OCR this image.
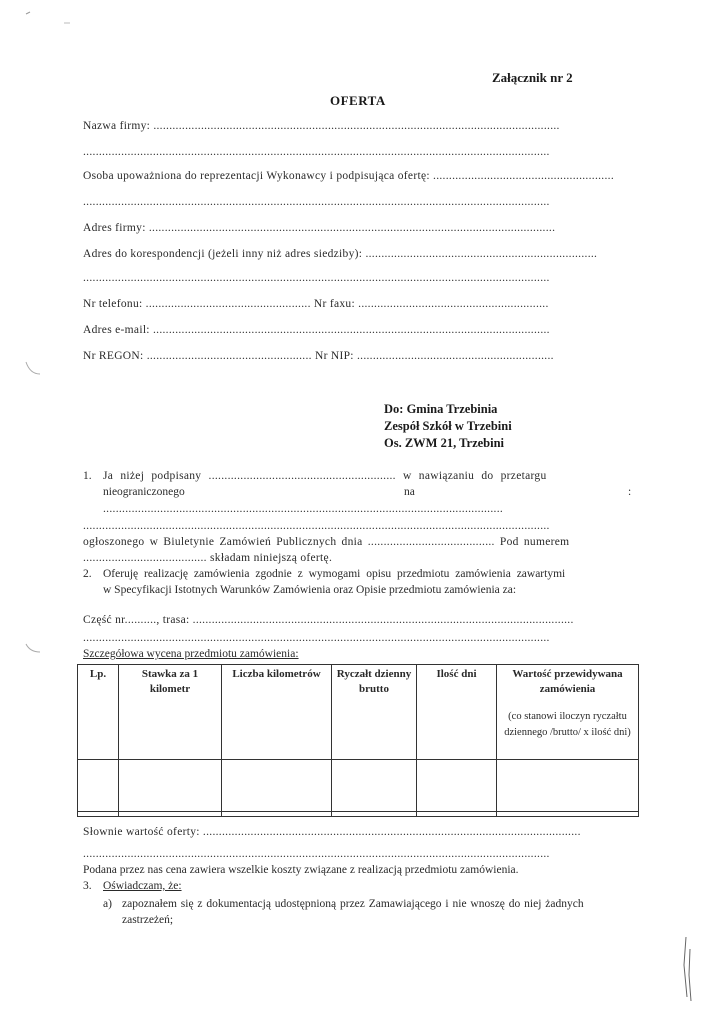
Załącznik nr 2
OFERTA
Nazwa firmy: ................................................................................................................................
...................................................................................................................................................
Osoba upoważniona do reprezentacji Wykonawcy i podpisująca ofertę: .........................................................
...................................................................................................................................................
Adres firmy: ................................................................................................................................
Adres do korespondencji (jeżeli inny niż adres siedziby): .........................................................................
...................................................................................................................................................
Nr telefonu: .................................................... Nr faxu: ............................................................
Adres e-mail: .............................................................................................................................
Nr REGON: .................................................... Nr NIP: ..............................................................
Do: Gmina Trzebinia
Zespół Szkół w Trzebini
Os. ZWM 21, Trzebini
1. Ja niżej podpisany ........................................................... w nawiązaniu do przetargu
nieograniczonego	na	:
..............................................................................................................................
...................................................................................................................................................
ogłoszonego w Biuletynie Zamówień Publicznych dnia ........................................ Pod numerem
....................................... składam niniejszą ofertę.
2. Oferuję realizację zamówienia zgodnie z wymogami opisu przedmiotu zamówienia zawartymi
w Specyfikacji Istotnych Warunków Zamówienia oraz Opisie przedmiotu zamówienia za:
Część nr.........., trasa: ........................................................................................................................
...................................................................................................................................................
Szczegółowa wycena przedmiotu zamówienia:
Lp.	Stawka za 1 kilometr	Liczba kilometrów	Ryczałt dzienny brutto	Ilość dni	Wartość przewidywana zamówienia
(co stanowi iloczyn ryczałtu dziennego /brutto/ x ilość dni)

Słownie wartość oferty: .......................................................................................................................
...................................................................................................................................................
Podana przez nas cena zawiera wszelkie koszty związane z realizacją przedmiotu zamówienia.
3. Oświadczam, że:
a) zapoznałem się z dokumentacją udostępnioną przez Zamawiającego i nie wnoszę do niej żadnych
zastrzeżeń;
